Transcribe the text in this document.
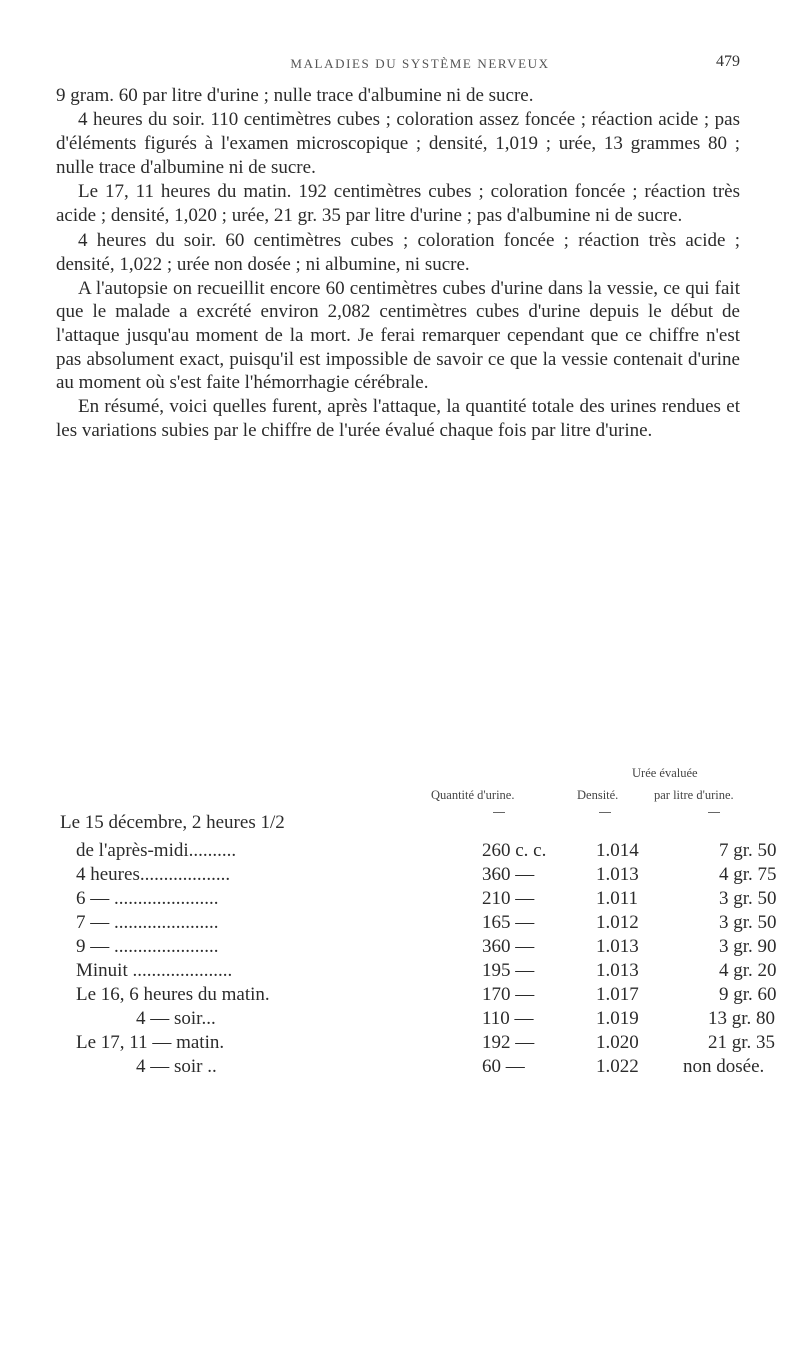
MALADIES DU SYSTÈME NERVEUX	479

9 gram. 60 par litre d'urine ; nulle trace d'albumine ni de sucre.

4 heures du soir. 110 centimètres cubes ; coloration assez foncée ; réaction acide ; pas d'éléments figurés à l'examen microscopique ; densité, 1,019 ; urée, 13 grammes 80 ; nulle trace d'albumine ni de sucre.

Le 17, 11 heures du matin. 192 centimètres cubes ; coloration foncée ; réaction très acide ; densité, 1,020 ; urée, 21 gr. 35 par litre d'urine ; pas d'albumine ni de sucre.

4 heures du soir. 60 centimètres cubes ; coloration foncée ; réaction très acide ; densité, 1,022 ; urée non dosée ; ni albumine, ni sucre.

A l'autopsie on recueillit encore 60 centimètres cubes d'urine dans la vessie, ce qui fait que le malade a excrété environ 2,082 centimètres cubes d'urine depuis le début de l'attaque jusqu'au moment de la mort. Je ferai remarquer cependant que ce chiffre n'est pas absolument exact, puisqu'il est impossible de savoir ce que la vessie contenait d'urine au moment où s'est faite l'hémorrhagie cérébrale.

En résumé, voici quelles furent, après l'attaque, la quantité totale des urines rendues et les variations subies par le chiffre de l'urée évalué chaque fois par litre d'urine.

Urée évaluée
Quantité d'urine.	Densité.	par litre d'urine.
Le 15 décembre, 2 heures 1/2
de l'après-midi..........	260 c. c.	1.014	7 gr. 50
4 heures...................	360 —	1.013	4 gr. 75
6 — ......................	210 —	1.011	3 gr. 50
7 — ......................	165 —	1.012	3 gr. 50
9 — ......................	360 —	1.013	3 gr. 90
Minuit .....................	195 —	1.013	4 gr. 20
Le 16, 6 heures du matin.	170 —	1.017	9 gr. 60
4 — soir...	110 —	1.019	13 gr. 80
Le 17, 11 — matin.	192 —	1.020	21 gr. 35
4 — soir ..	60 —	1.022 non dosée.
